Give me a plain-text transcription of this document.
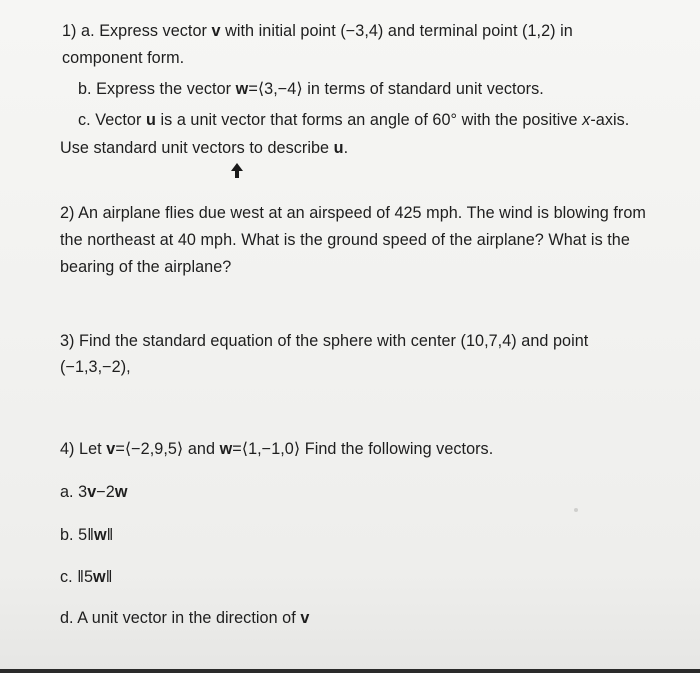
1) a. Express vector v with initial point (−3,4) and terminal point (1,2) in
component form.
b. Express the vector w=⟨3,−4⟩ in terms of standard unit vectors.
c. Vector u is a unit vector that forms an angle of 60° with the positive x-axis.
Use standard unit vectors to describe u.
2) An airplane flies due west at an airspeed of 425 mph. The wind is blowing from
the northeast at 40 mph. What is the ground speed of the airplane? What is the
bearing of the airplane?
3) Find the standard equation of the sphere with center (10,7,4) and point
(−1,3,−2),
4) Let v=⟨−2,9,5⟩ and w=⟨1,−1,0⟩ Find the following vectors.
a. 3v−2w
b. 5‖w‖
c. ‖5w‖
d. A unit vector in the direction of v
